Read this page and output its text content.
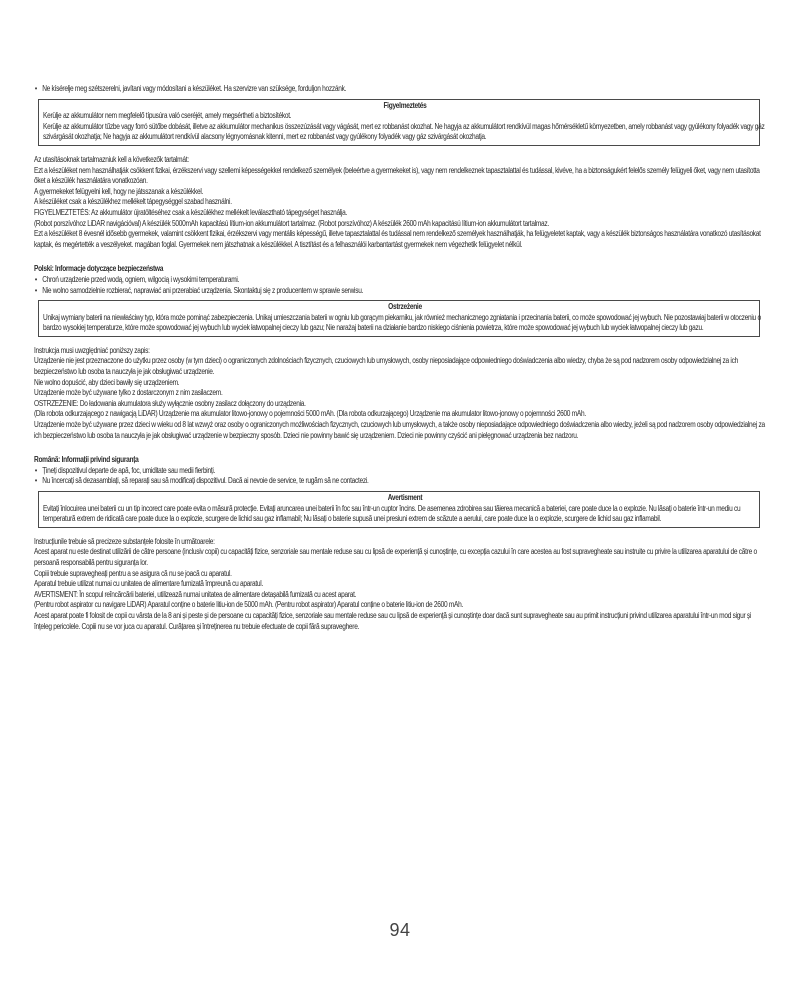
• Ne kísérelje meg szétszerelni, javítani vagy módosítani a készüléket. Ha szervizre van szüksége, forduljon hozzánk.
Figyelmeztetés
Kerülje az akkumulátor nem megfelelő típusúra való cseréjét, amely megsértheti a biztosítékot.
Kerülje az akkumulátor tűzbe vagy forró sütőbe dobását, illetve az akkumulátor mechanikus összezúzását vagy vágását, mert ez robbanást okozhat. Ne hagyja az akkumulátort rendkívül magas hőmérsékletű környezetben, amely robbanást vagy gyúlékony folyadék vagy gáz szivárgását okozhatja; Ne hagyja az akkumulátort rendkívül alacsony légnyomásnak kitenni, mert ez robbanást vagy gyúlékony folyadék vagy gáz szivárgását okozhatja.
Az utasításoknak tartalmazniuk kell a következők tartalmát:
Ezt a készüléket nem használhatják csökkent fizikai, érzékszervi vagy szellemi képességekkel rendelkező személyek (beleértve a gyermekeket is), vagy nem rendelkeznek tapasztalattal és tudással, kivéve, ha a biztonságukért felelős személy felügyeli őket, vagy nem utasította őket a készülék használatára vonatkozóan.
A gyermekeket felügyelni kell, hogy ne játsszanak a készülékkel.
A készüléket csak a készülékhez mellékelt tápegységgel szabad használni.
FIGYELMEZTETÉS: Az akkumulátor újratöltéséhez csak a készülékhez mellékelt leválasztható tápegységet használja.
(Robot porszívóhoz LiDAR navigációval) A készülék 5000mAh kapacitású lítium-ion akkumulátort tartalmaz. (Robot porszívóhoz) A készülék 2600 mAh kapacitású lítium-ion akkumulátort tartalmaz.
Ezt a készüléket 8 évesnél idősebb gyermekek, valamint csökkent fizikai, érzékszervi vagy mentális képességű, illetve tapasztalattal és tudással nem rendelkező személyek használhatják, ha felügyeletet kaptak, vagy a készülék biztonságos használatára vonatkozó utasításokat kaptak, és megértették a veszélyeket. magában foglal. Gyermekek nem játszhatnak a készülékkel. A tisztítást és a felhasználói karbantartást gyermekek nem végezhetik felügyelet nélkül.
Polski: Informacje dotyczące bezpieczeństwa
• Chroń urządzenie przed wodą, ogniem, wilgocią i wysokimi temperaturami.
• Nie wolno samodzielnie rozbierać, naprawiać ani przerabiać urządzenia. Skontaktuj się z producentem w sprawie serwisu.
Ostrzeżenie
Unikaj wymiany baterii na niewłaściwy typ, która może pominąć zabezpieczenia. Unikaj umieszczania baterii w ogniu lub gorącym piekarniku, jak również mechanicznego zgniatania i przecinania baterii, co może spowodować jej wybuch. Nie pozostawiaj baterii w otoczeniu o bardzo wysokiej temperaturze, które może spowodować jej wybuch lub wyciek łatwopalnej cieczy lub gazu; Nie narażaj baterii na działanie bardzo niskiego ciśnienia powietrza, które może spowodować jej wybuch lub wyciek łatwopalnej cieczy lub gazu.
Instrukcja musi uwzględniać poniższy zapis:
Urządzenie nie jest przeznaczone do użytku przez osoby (w tym dzieci) o ograniczonych zdolnościach fizycznych, czuciowych lub umysłowych, osoby nieposiadające odpowiedniego doświadczenia albo wiedzy, chyba że są pod nadzorem osoby odpowiedzialnej za ich bezpieczeństwo lub osoba ta nauczyła je jak obsługiwać urządzenie.
Nie wolno dopuścić, aby dzieci bawiły się urządzeniem.
Urządzenie może być używane tylko z dostarczonym z nim zasilaczem.
OSTRZEŻENIE: Do ładowania akumulatora służy wyłącznie osobny zasilacz dołączony do urządzenia.
(Dla robota odkurzającego z nawigacją LiDAR) Urządzenie ma akumulator litowo-jonowy o pojemności 5000 mAh. (Dla robota odkurzającego) Urządzenie ma akumulator litowo-jonowy o pojemności 2600 mAh.
Urządzenie może być używane przez dzieci w wieku od 8 lat wzwyż oraz osoby o ograniczonych możliwościach fizycznych, czuciowych lub umysłowych, a także osoby nieposiadające odpowiedniego doświadczenia albo wiedzy, jeżeli są pod nadzorem osoby odpowiedzialnej za ich bezpieczeństwo lub osoba ta nauczyła je jak obsługiwać urządzenie w bezpieczny sposób. Dzieci nie powinny bawić się urządzeniem. Dzieci nie powinny czyścić ani pielęgnować urządzenia bez nadzoru.
Română: Informații privind siguranța
• Țineți dispozitivul departe de apă, foc, umiditate sau medii fierbinți.
• Nu încercați să dezasamblați, să reparați sau să modificați dispozitivul. Dacă ai nevoie de service, te rugăm să ne contactezi.
Avertisment
Evitați înlocuirea unei baterii cu un tip incorect care poate evita o măsură protecție. Evitați aruncarea unei baterii în foc sau într-un cuptor încins. De asemenea zdrobirea sau tăierea mecanică a bateriei, care poate duce la o explozie. Nu lăsați o baterie într-un mediu cu temperatură extrem de ridicată care poate duce la o explozie, scurgere de lichid sau gaz inflamabil; Nu lăsați o baterie supusă unei presiuni extrem de scăzute a aerului, care poate duce la o explozie, scurgere de lichid sau gaz inflamabil.
Instrucțiunile trebuie să precizeze substanțele folosite în următoarele:
Acest aparat nu este destinat utilizării de către persoane (inclusiv copii) cu capacități fizice, senzoriale sau mentale reduse sau cu lipsă de experiență și cunoștințe, cu excepția cazului în care acestea au fost supravegheate sau instruite cu privire la utilizarea aparatului de către o persoană responsabilă pentru siguranța lor.
Copiii trebuie supravegheați pentru a se asigura că nu se joacă cu aparatul.
Aparatul trebuie utilizat numai cu unitatea de alimentare furnizată împreună cu aparatul.
AVERTISMENT: În scopul reîncărcării bateriei, utilizează numai unitatea de alimentare detașabilă furnizată cu acest aparat.
(Pentru robot aspirator cu navigare LiDAR) Aparatul conține o baterie litiu-ion de 5000 mAh. (Pentru robot aspirator) Aparatul conține o baterie litiu-ion de 2600 mAh.
Acest aparat poate fi folosit de copii cu vârsta de la 8 ani și peste și de persoane cu capacități fizice, senzoriale sau mentale reduse sau cu lipsă de experiență și cunoștințe doar dacă sunt supravegheate sau au primit instrucțiuni privind utilizarea aparatului într-un mod sigur și înțeleg pericolele. Copiii nu se vor juca cu aparatul. Curățarea și întreținerea nu trebuie efectuate de copii fără supraveghere.
94
